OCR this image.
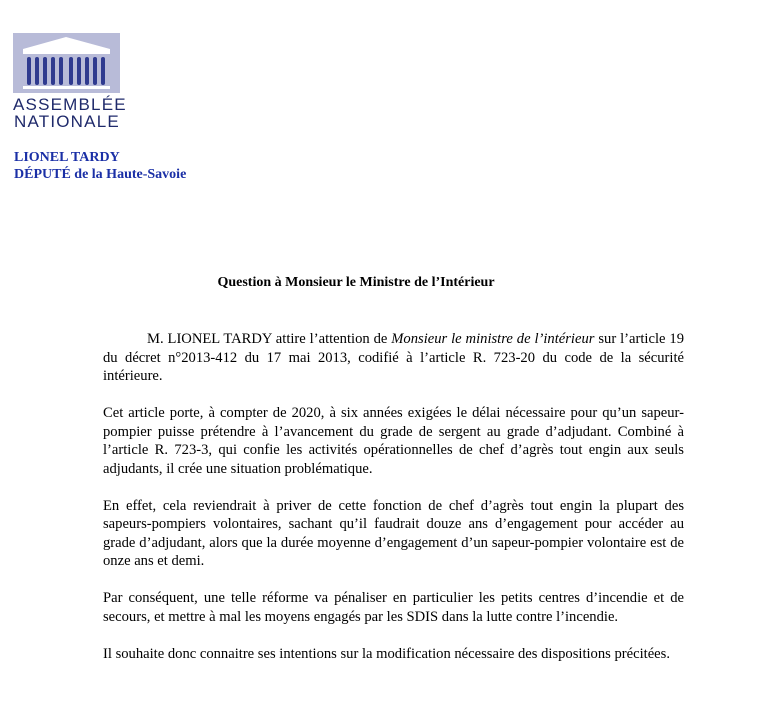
ASSEMBLÉE
NATIONALE
LIONEL TARDY
DÉPUTÉ de la Haute-Savoie
Question à Monsieur le Ministre de l’Intérieur

M. LIONEL TARDY attire l’attention de Monsieur le ministre de l’intérieur sur l’article 19 du décret n°2013-412 du 17 mai 2013, codifié à l’article R. 723-20 du code de la sécurité intérieure.

Cet article porte, à compter de 2020, à six années exigées le délai nécessaire pour qu’un sapeur-pompier puisse prétendre à l’avancement du grade de sergent au grade d’adjudant. Combiné à l’article R. 723-3, qui confie les activités opérationnelles de chef d’agrès tout engin aux seuls adjudants, il crée une situation problématique.

En effet, cela reviendrait à priver de cette fonction de chef d’agrès tout engin la plupart des sapeurs-pompiers volontaires, sachant qu’il faudrait douze ans d’engagement pour accéder au grade d’adjudant, alors que la durée moyenne d’engagement d’un sapeur-pompier volontaire est de onze ans et demi.

Par conséquent, une telle réforme va pénaliser en particulier les petits centres d’incendie et de secours, et mettre à mal les moyens engagés par les SDIS dans la lutte contre l’incendie.

Il souhaite donc connaitre ses intentions sur la modification nécessaire des dispositions précitées.
